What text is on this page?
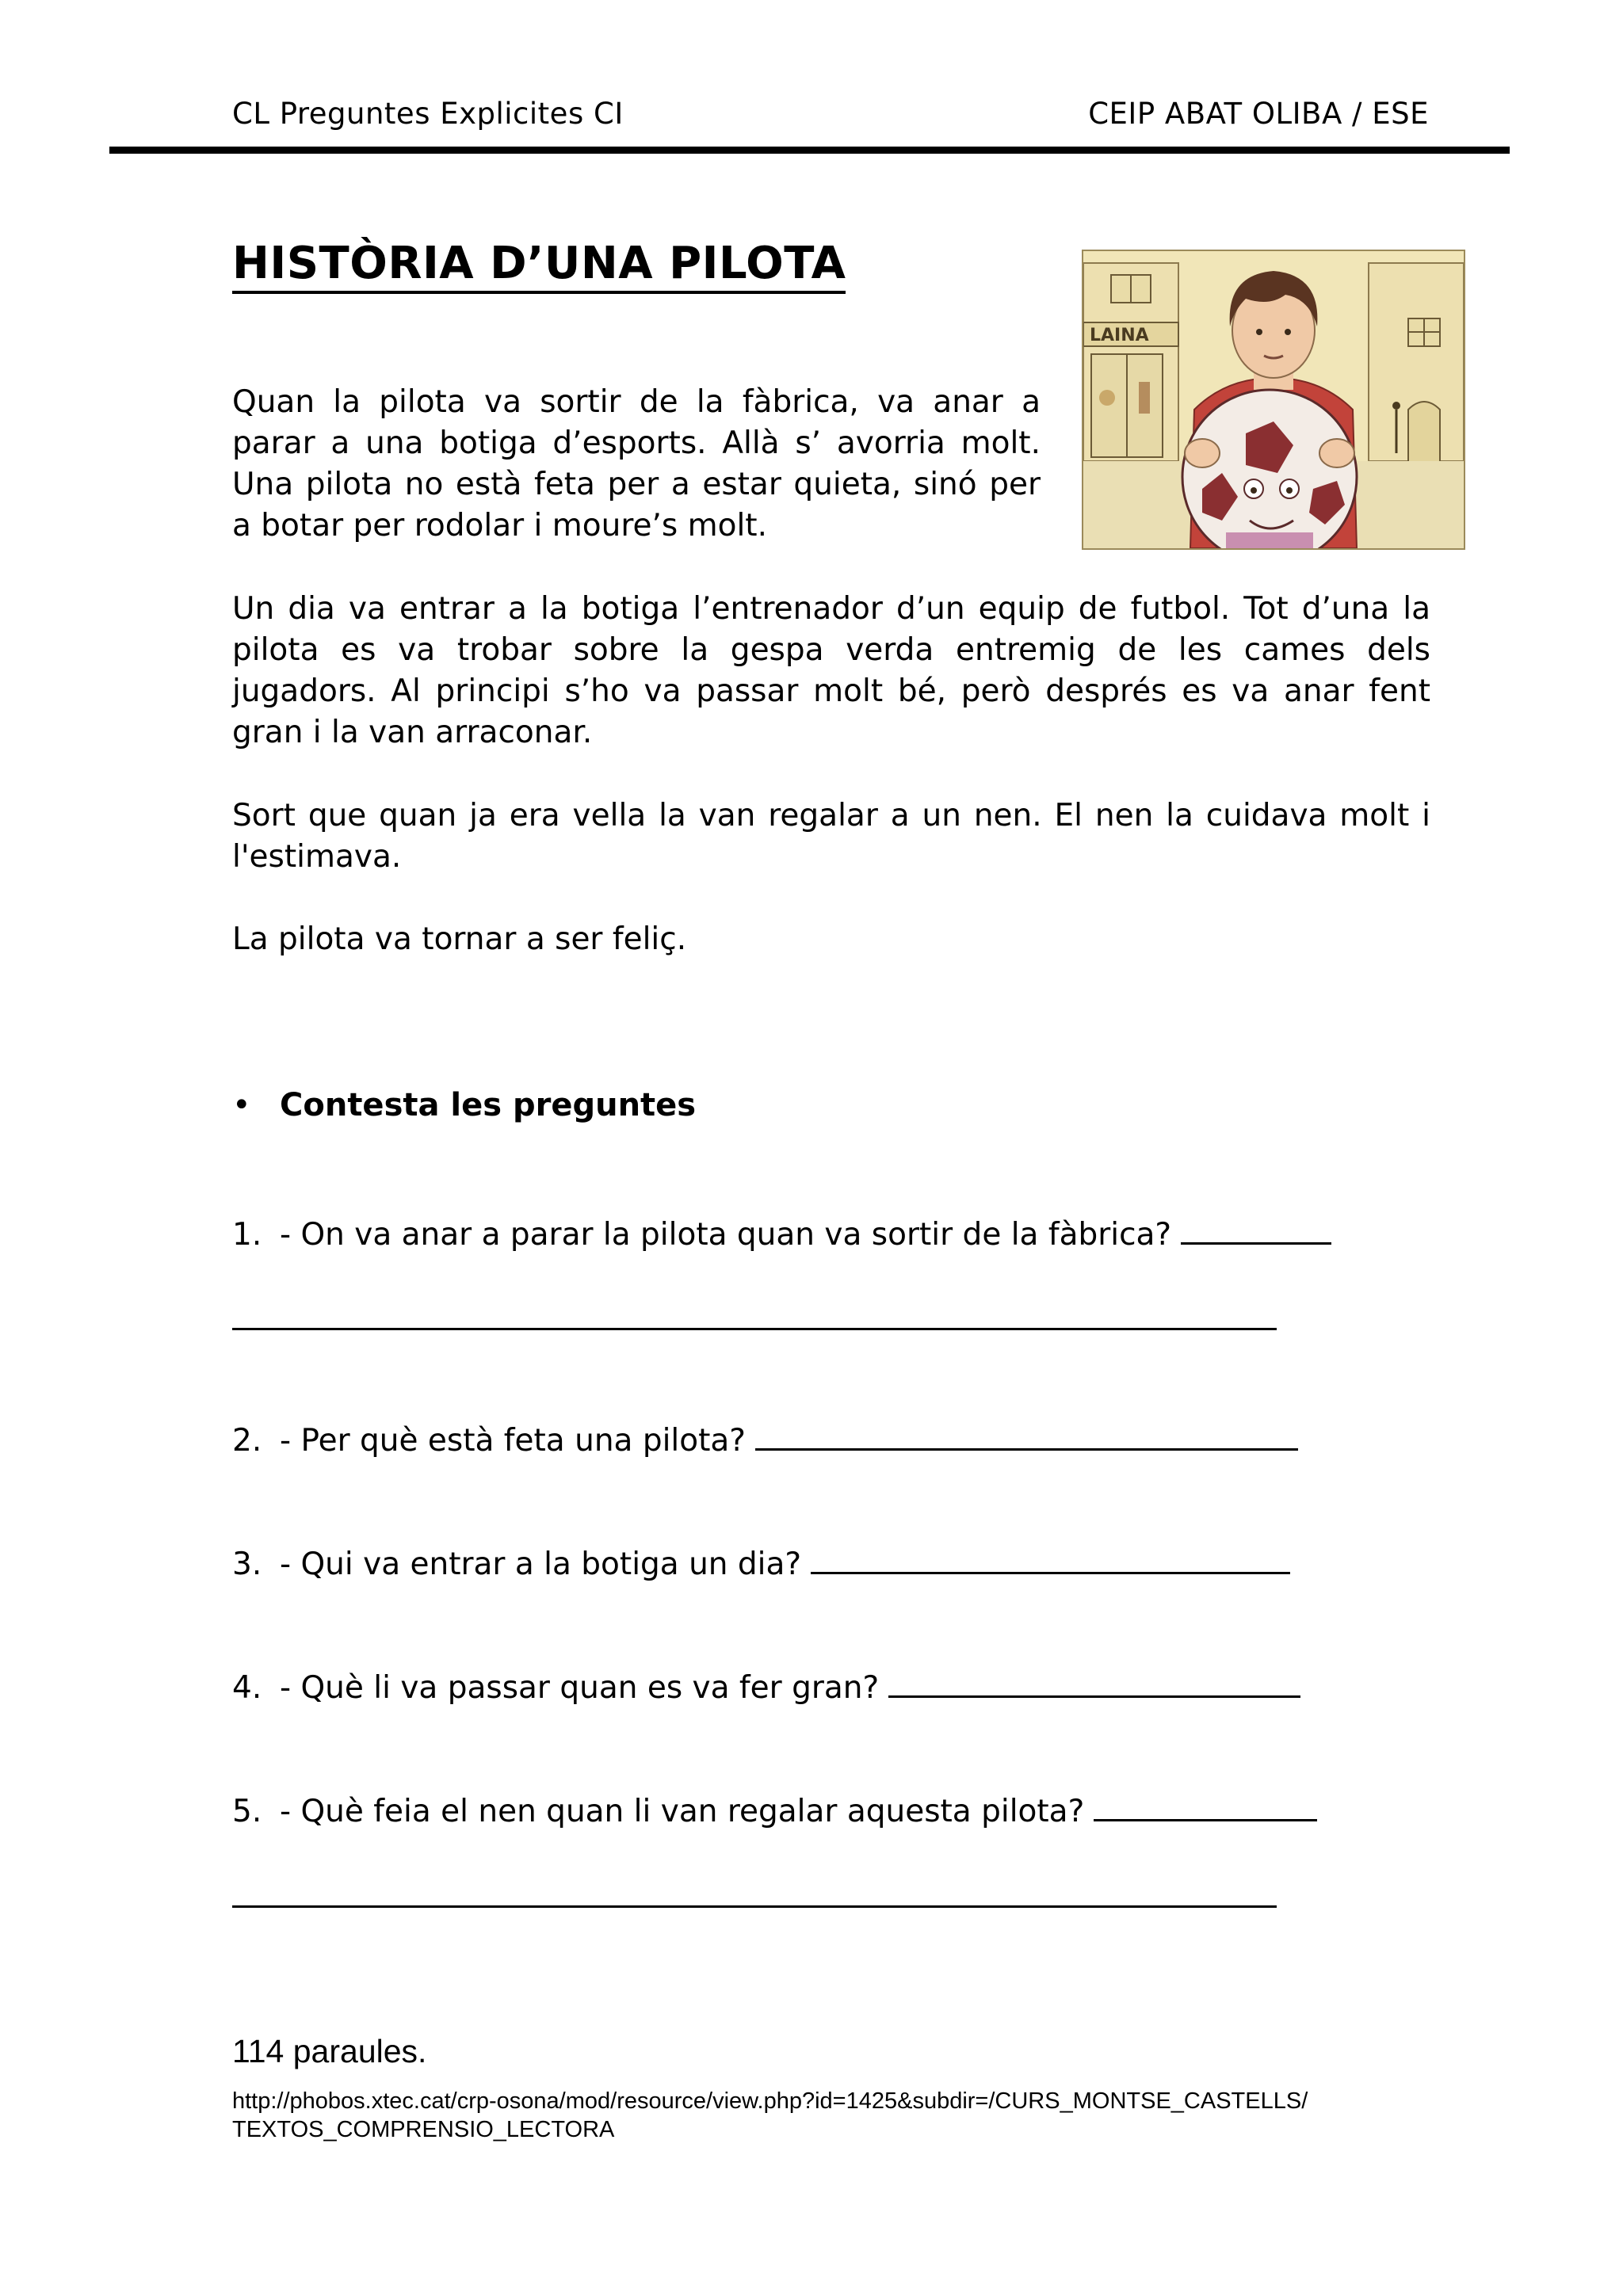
CL Preguntes Explicites CI	CEIP ABAT OLIBA / ESE
HISTÒRIA D’UNA PILOTA
LAINA
Quan la pilota va sortir de la fàbrica, va anar a parar a una botiga d’esports. Allà s’ avorria molt. Una pilota no està feta per a estar quieta, sinó per a botar per rodolar i moure’s molt.
Un dia va entrar a la botiga l’entrenador d’un equip de futbol. Tot d’una la pilota es va trobar sobre la gespa verda entremig de les cames dels jugadors. Al principi s’ho va passar molt bé, però després es va anar fent gran i la van arraconar.
Sort que quan ja era vella la van regalar a un nen. El nen la cuidava molt i l'estimava.
La pilota va tornar a ser feliç.
• Contesta les preguntes
1. - On va anar a parar la pilota quan va sortir de la fàbrica?
2. - Per què està feta una pilota?
3. - Qui va entrar a la botiga un dia?
4. - Què li va passar quan es va fer gran?
5. - Què feia el nen quan li van regalar aquesta pilota?
114 paraules.
http://phobos.xtec.cat/crp-osona/mod/resource/view.php?id=1425&subdir=/CURS_MONTSE_CASTELLS/
TEXTOS_COMPRENSIO_LECTORA
